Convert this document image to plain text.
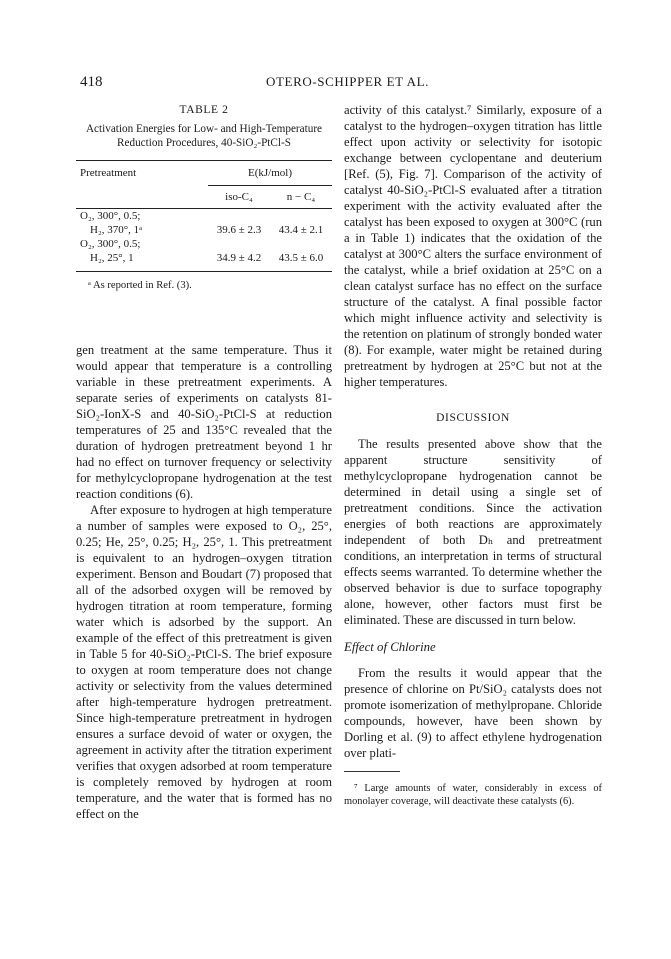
418	OTERO-SCHIPPER ET AL.
TABLE 2
Activation Energies for Low- and High-Temperature Reduction Procedures, 40-SiO₂-PtCl-S

Pretreatment	E(kJ/mol)	
	iso-C₄	n − C₄

O₂, 300°, 0.5;		
H₂, 370°, 1ᵃ	39.6 ± 2.3	43.4 ± 2.1
O₂, 300°, 0.5;		
H₂, 25°, 1	34.9 ± 4.2	43.5 ± 6.0

ᵃ As reported in Ref. (3).

gen treatment at the same temperature. Thus it would appear that temperature is a controlling variable in these pretreatment experiments. A separate series of experiments on catalysts 81-SiO₂-IonX-S and 40-SiO₂-PtCl-S at reduction temperatures of 25 and 135°C revealed that the duration of hydrogen pretreatment beyond 1 hr had no effect on turnover frequency or selectivity for methylcyclopropane hydrogenation at the test reaction conditions (6).

After exposure to hydrogen at high temperature a number of samples were exposed to O₂, 25°, 0.25; He, 25°, 0.25; H₂, 25°, 1. This pretreatment is equivalent to an hydrogen–oxygen titration experiment. Benson and Boudart (7) proposed that all of the adsorbed oxygen will be removed by hydrogen titration at room temperature, forming water which is adsorbed by the support. An example of the effect of this pretreatment is given in Table 5 for 40-SiO₂-PtCl-S. The brief exposure to oxygen at room temperature does not change activity or selectivity from the values determined after high-temperature hydrogen pretreatment. Since high-temperature pretreatment in hydrogen ensures a surface devoid of water or oxygen, the agreement in activity after the titration experiment verifies that oxygen adsorbed at room temperature is completely removed by hydrogen at room temperature, and the water that is formed has no effect on the

activity of this catalyst.⁷ Similarly, exposure of a catalyst to the hydrogen–oxygen titration has little effect upon activity or selectivity for isotopic exchange between cyclopentane and deuterium [Ref. (5), Fig. 7]. Comparison of the activity of catalyst 40-SiO₂-PtCl-S evaluated after a titration experiment with the activity evaluated after the catalyst has been exposed to oxygen at 300°C (run a in Table 1) indicates that the oxidation of the catalyst at 300°C alters the surface environment of the catalyst, while a brief oxidation at 25°C on a clean catalyst surface has no effect on the surface structure of the catalyst. A final possible factor which might influence activity and selectivity is the retention on platinum of strongly bonded water (8). For example, water might be retained during pretreatment by hydrogen at 25°C but not at the higher temperatures.

DISCUSSION

The results presented above show that the apparent structure sensitivity of methylcyclopropane hydrogenation cannot be determined in detail using a single set of pretreatment conditions. Since the activation energies of both reactions are approximately independent of both Dₕ and pretreatment conditions, an interpretation in terms of structural effects seems warranted. To determine whether the observed behavior is due to surface topography alone, however, other factors must first be eliminated. These are discussed in turn below.

Effect of Chlorine

From the results it would appear that the presence of chlorine on Pt/SiO₂ catalysts does not promote isomerization of methylpropane. Chloride compounds, however, have been shown by Dorling et al. (9) to affect ethylene hydrogenation over plati-

⁷ Large amounts of water, considerably in excess of monolayer coverage, will deactivate these catalysts (6).
